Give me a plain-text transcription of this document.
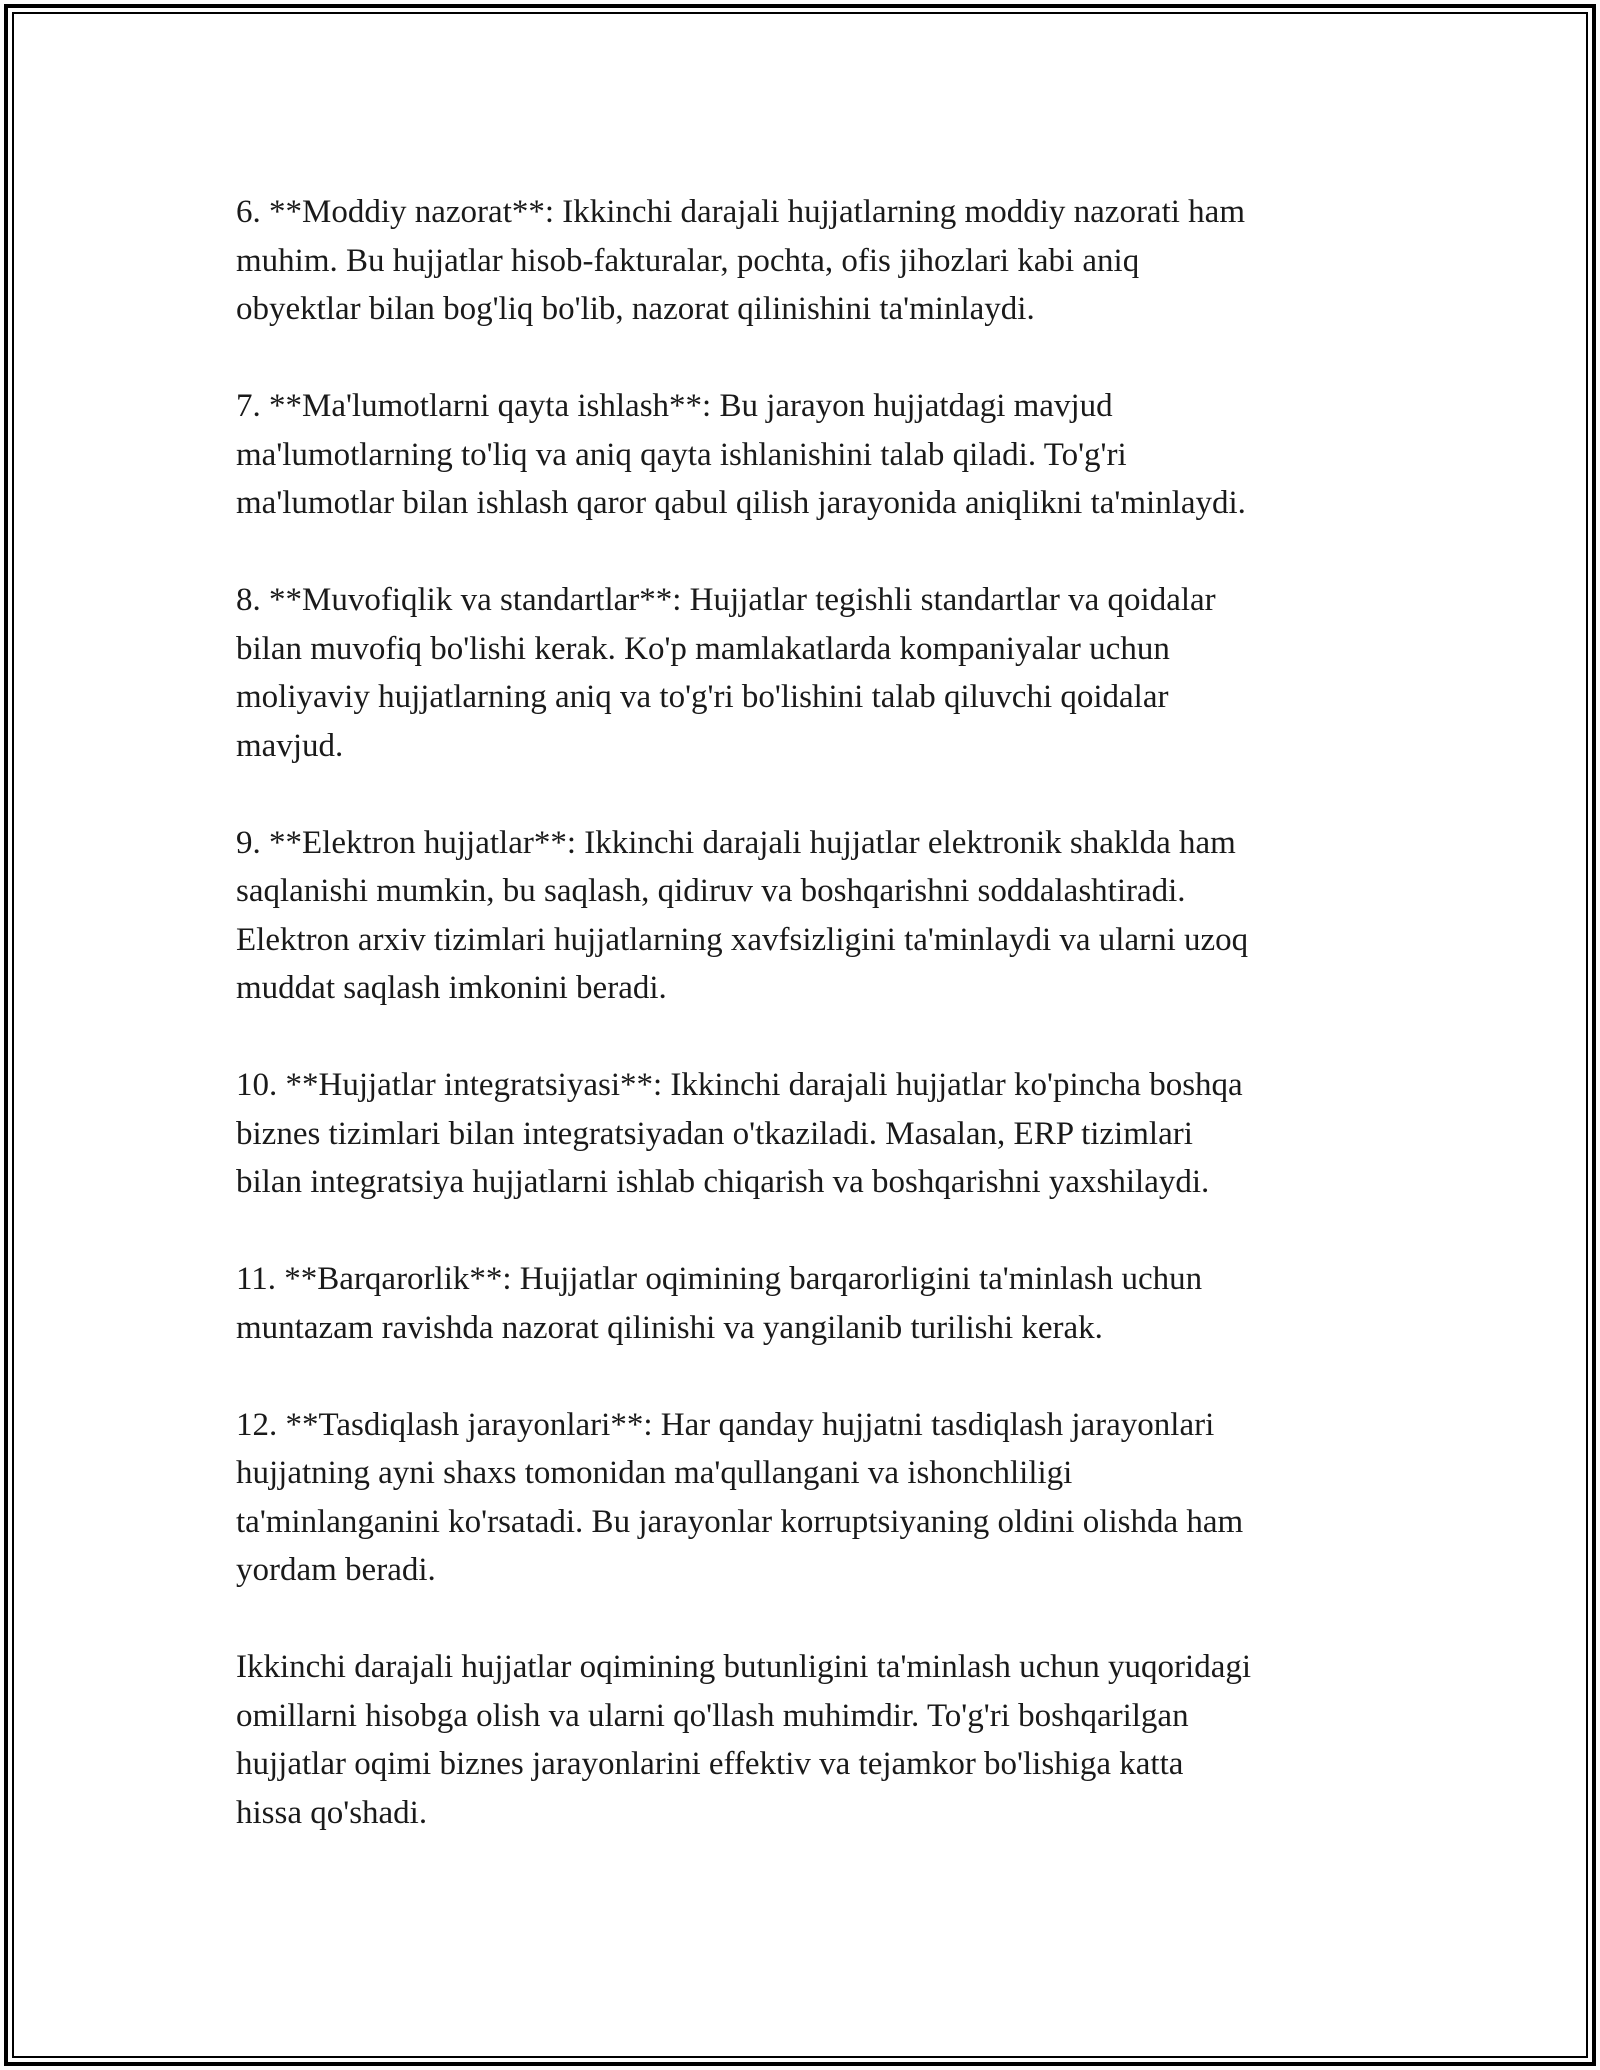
6. **Moddiy nazorat**: Ikkinchi darajali hujjatlarning moddiy nazorati ham
muhim. Bu hujjatlar hisob-fakturalar, pochta, ofis jihozlari kabi aniq
obyektlar bilan bog'liq bo'lib, nazorat qilinishini ta'minlaydi.

7. **Ma'lumotlarni qayta ishlash**: Bu jarayon hujjatdagi mavjud
ma'lumotlarning to'liq va aniq qayta ishlanishini talab qiladi. To'g'ri
ma'lumotlar bilan ishlash qaror qabul qilish jarayonida aniqlikni ta'minlaydi.

8. **Muvofiqlik va standartlar**: Hujjatlar tegishli standartlar va qoidalar
bilan muvofiq bo'lishi kerak. Ko'p mamlakatlarda kompaniyalar uchun
moliyaviy hujjatlarning aniq va to'g'ri bo'lishini talab qiluvchi qoidalar
mavjud.

9. **Elektron hujjatlar**: Ikkinchi darajali hujjatlar elektronik shaklda ham
saqlanishi mumkin, bu saqlash, qidiruv va boshqarishni soddalashtiradi.
Elektron arxiv tizimlari hujjatlarning xavfsizligini ta'minlaydi va ularni uzoq
muddat saqlash imkonini beradi.

10. **Hujjatlar integratsiyasi**: Ikkinchi darajali hujjatlar ko'pincha boshqa
biznes tizimlari bilan integratsiyadan o'tkaziladi. Masalan, ERP tizimlari
bilan integratsiya hujjatlarni ishlab chiqarish va boshqarishni yaxshilaydi.

11. **Barqarorlik**: Hujjatlar oqimining barqarorligini ta'minlash uchun
muntazam ravishda nazorat qilinishi va yangilanib turilishi kerak.

12. **Tasdiqlash jarayonlari**: Har qanday hujjatni tasdiqlash jarayonlari
hujjatning ayni shaxs tomonidan ma'qullangani va ishonchliligi
ta'minlanganini ko'rsatadi. Bu jarayonlar korruptsiyaning oldini olishda ham
yordam beradi.

Ikkinchi darajali hujjatlar oqimining butunligini ta'minlash uchun yuqoridagi
omillarni hisobga olish va ularni qo'llash muhimdir. To'g'ri boshqarilgan
hujjatlar oqimi biznes jarayonlarini effektiv va tejamkor bo'lishiga katta
hissa qo'shadi.
